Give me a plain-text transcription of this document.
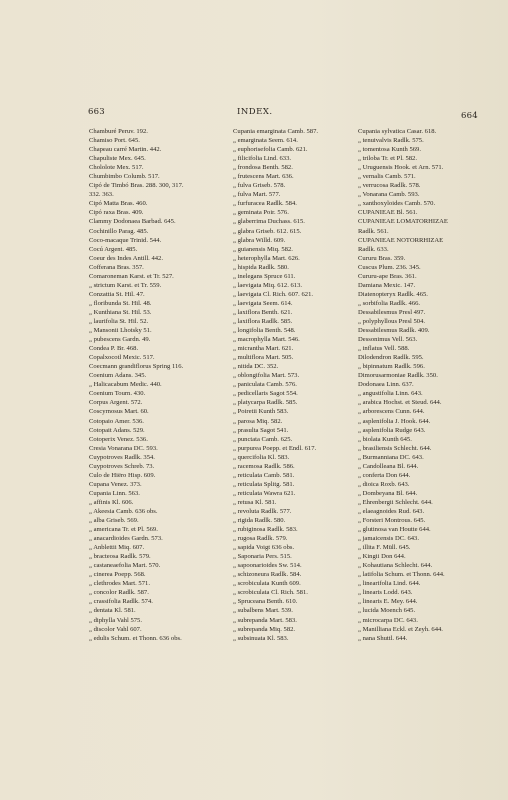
663	INDEX.	664
Chamburé Peruv. 192.
Chamiso Port. 645.
Chapeau carré Martin. 442.
Chapuliste Mex. 645.
Chololote Mex. 517.
Chumbimbo Columb. 517.
Cipó de Timbó Bras. 288. 300, 317.
332. 363.
Cipó Matta Bras. 460.
Cipó raxa Bras. 409.
Clammy Dodonaea Barbad. 645.
Cochinillo Parag. 485.
Coco-macaque Trinid. 544.
Cocú Argent. 485.
Coeur des Indes Antill. 442.
Cofferana Bras. 357.
Comaroneman Karst. et Tr. 527.
„ strictum Karst. et Tr. 559.
Conzattia St. Hil. 47.
„ floribunda St. Hil. 48.
„ Kunthiana St. Hil. 53.
„ laurifolia St. Hil. 52.
„ Mansonii Lhotsky 51.
„ pubescens Gardn. 49.
Condea P. Br. 468.
Copalxocotl Mexic. 517.
Coecmann grandiflorus Spring 116.
Coenium Adans. 345.
„ Halicacabum Medic. 440.
Coenium Tourn. 430.
Corpus Argent. 572.
Coscyrnosus Mart. 60.
Cotopaio Amer. 536.
Cotopait Adans. 529.
Cotoperix Venez. 536.
Cresia Vonarana DC. 593.
Cuypotroves Radlk. 354.
Cuypotroves Schreb. 73.
Culo de Hiëro Hisp. 609.
Cupana Venez. 373.
Cupania Linn. 563.
„ affinis Kl. 606.
„ Akeesia Camb. 636 obs.
„ alba Griseb. 569.
„ americana Tr. et Pl. 569.
„ anacardioides Gardn. 573.
„ Anblettii Miq. 607.
„ bracteosa Radlk. 579.
„ castaneaefolia Mart. 570.
„ cinerea Poepp. 568.
„ clethrodes Mart. 571.
„ concolor Radlk. 587.
„ crassifolia Radlk. 574.
„ dentata Kl. 581.
„ diphylla Vahl 575.
„ discolor Vahl 607.
„ edulis Schum. et Thonn. 636 obs.
Cupania emarginata Camb. 587.
„ emarginata Seem. 614.
„ euphorisefolia Camb. 621.
„ filicifolia Lind. 633.
„ frondosa Benth. 582.
„ frutescens Mart. 636.
„ fulva Griseb. 578.
„ fulva Mart. 577.
„ furfuracea Radlk. 584.
„ geminata Poir. 576.
„ glaberrima Duchass. 615.
„ glabra Griseb. 612. 615.
„ glabra Willd. 609.
„ guianensis Miq. 582.
„ heterophylla Mart. 626.
„ hispida Radlk. 580.
„ inelegans Spruce 611.
„ laevigata Miq. 612. 613.
„ laevigata Cl. Rich. 607. 621.
„ laevigata Seem. 614.
„ laxiflora Benth. 621.
„ laxiflora Radlk. 585.
„ longifolia Benth. 548.
„ macrophylla Mart. 546.
„ micrantha Mart. 621.
„ multiflora Mart. 505.
„ nitida DC. 352.
„ oblongifolia Mart. 573.
„ paniculata Camb. 576.
„ pedicellaris Sagot 554.
„ platycarpa Radlk. 585.
„ Poiretii Kunth 583.
„ parosa Miq. 582.
„ prasulta Sagot 541.
„ punctata Camb. 625.
„ purpurea Poepp. et Endl. 617.
„ quercifolia Kl. 583.
„ racemosa Radlk. 586.
„ reticulata Camb. 581.
„ reticulata Splitg. 581.
„ reticulata Wawra 621.
„ retusa Kl. 581.
„ revoluta Radlk. 577.
„ rigida Radlk. 580.
„ rubiginosa Radlk. 583.
„ rugosa Radlk. 579.
„ sapida Voigt 636 obs.
„ Saponaria Pers. 515.
„ sapoonarioides Sw. 514.
„ schizoneura Radlk. 584.
„ scrobiculata Kunth 609.
„ scrobiculata Cl. Rich. 581.
„ Spruceana Benth. 610.
„ subalbens Mart. 539.
„ subrepanda Mart. 583.
„ subrepanda Miq. 582.
„ subsinuata Kl. 583.
Cupania sylvatica Casar. 618.
„ tenuivalvis Radlk. 575.
„ tomentosa Kunth 569.
„ triloba Tr. et Pl. 582.
„ Uruguensis Hook. et Arn. 571.
„ vernalis Camb. 571.
„ verrucosa Radlk. 578.
„ Vonarana Camb. 593.
„ xanthoxyloides Camb. 570.
CUPANIEAE Bl. 561.
CUPANIEAE LOMATORHIZAE
Radlk. 561.
CUPANIEAE NOTORRHIZAE
Radlk. 633.
Cururu Bras. 359.
Cuscus Plum. 236. 345.
Cururu-ape Bras. 361.
Damiana Mexic. 147.
Diatenopteryx Radlk. 465.
„ sorbifolia Radlk. 466.
Dessabilesmus Presl 497.
„ polyphyllous Presl 504.
Dessabilesmus Radlk. 409.
Dessonimus Vell. 563.
„ inflatus Vell. 588.
Dilodendron Radlk. 595.
„ bipinnatum Radlk. 596.
Dimorusarmoniae Radlk. 350.
Dodonaea Linn. 637.
„ angustifolia Linn. 643.
„ arabica Hochst. et Steud. 644.
„ arborescens Cunn. 644.
„ asplenifolia J. Hook. 644.
„ asplenifolia Rudge 643.
„ biolata Kunth 645.
„ brasiliensis Schlecht. 644.
„ Burmanniana DC. 643.
„ Candolleana Bl. 644.
„ conferta Don 644.
„ dioica Roxb. 643.
„ Dombeyana Bl. 644.
„ Ehrenbergii Schlecht. 644.
„ elaeagnoides Rud. 643.
„ Forsteri Montrous. 645.
„ glutinosa van Houtte 644.
„ jamaicensis DC. 643.
„ illita F. Müll. 645.
„ Kingii Don 644.
„ Kohautiana Schlecht. 644.
„ latifolia Schum. et Thonn. 644.
„ linearifolia Lind. 644.
„ linearis Lodd. 643.
„ linearis E. Mey. 644.
„ lucida Moench 645.
„ microcarpa DC. 643.
„ Manilliana Eckl. et Zeyh. 644.
„ nana Shuttl. 644.
